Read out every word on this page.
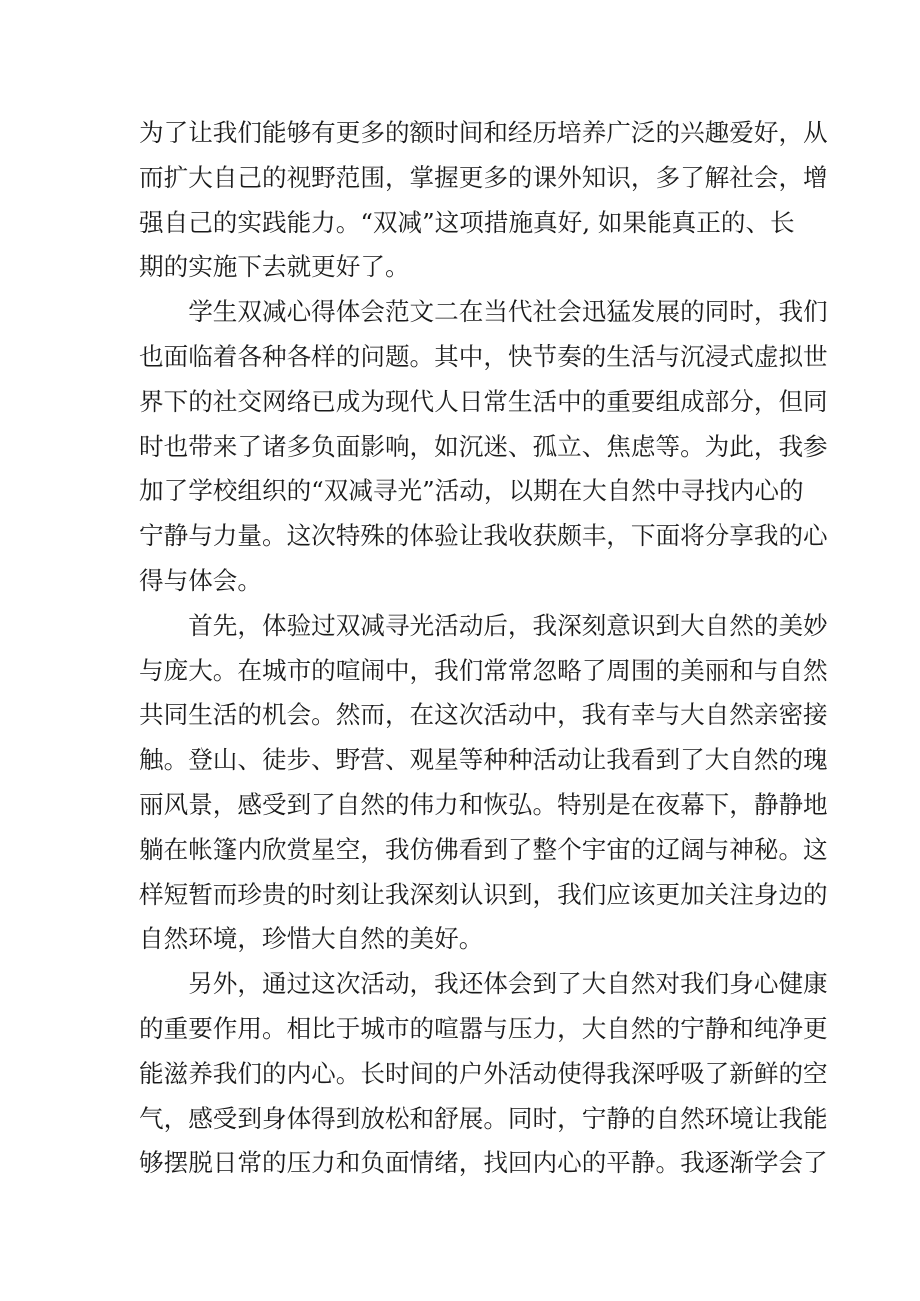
为了让我们能够有更多的额时间和经历培养广泛的兴趣爱好，从
而扩大自己的视野范围，掌握更多的课外知识，多了解社会，增
强自己的实践能力。“双减”这项措施真好, 如果能真正的、长
期的实施下去就更好了。
　　学生双减心得体会范文二在当代社会迅猛发展的同时，我们
也面临着各种各样的问题。其中，快节奏的生活与沉浸式虚拟世
界下的社交网络已成为现代人日常生活中的重要组成部分，但同
时也带来了诸多负面影响，如沉迷、孤立、焦虑等。为此，我参
加了学校组织的“双减寻光”活动，以期在大自然中寻找内心的
宁静与力量。这次特殊的体验让我收获颇丰，下面将分享我的心
得与体会。
　　首先，体验过双减寻光活动后，我深刻意识到大自然的美妙
与庞大。在城市的喧闹中，我们常常忽略了周围的美丽和与自然
共同生活的机会。然而，在这次活动中，我有幸与大自然亲密接
触。登山、徒步、野营、观星等种种活动让我看到了大自然的瑰
丽风景，感受到了自然的伟力和恢弘。特别是在夜幕下，静静地
躺在帐篷内欣赏星空，我仿佛看到了整个宇宙的辽阔与神秘。这
样短暂而珍贵的时刻让我深刻认识到，我们应该更加关注身边的
自然环境，珍惜大自然的美好。
　　另外，通过这次活动，我还体会到了大自然对我们身心健康
的重要作用。相比于城市的喧嚣与压力，大自然的宁静和纯净更
能滋养我们的内心。长时间的户外活动使得我深呼吸了新鲜的空
气，感受到身体得到放松和舒展。同时，宁静的自然环境让我能
够摆脱日常的压力和负面情绪，找回内心的平静。我逐渐学会了
